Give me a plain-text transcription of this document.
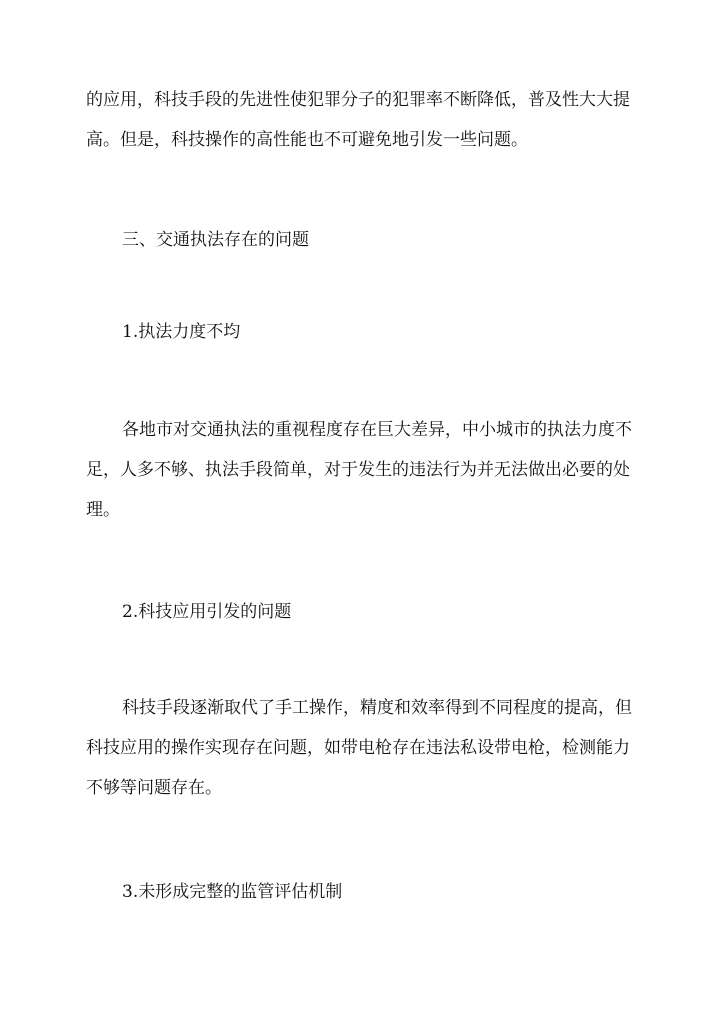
的应用，科技手段的先进性使犯罪分子的犯罪率不断降低，普及性大大提
高。但是，科技操作的高性能也不可避免地引发一些问题。
三、交通执法存在的问题
1.执法力度不均
各地市对交通执法的重视程度存在巨大差异，中小城市的执法力度不
足，人多不够、执法手段简单，对于发生的违法行为并无法做出必要的处
理。
2.科技应用引发的问题
科技手段逐渐取代了手工操作，精度和效率得到不同程度的提高，但
科技应用的操作实现存在问题，如带电枪存在违法私设带电枪，检测能力
不够等问题存在。
3.未形成完整的监管评估机制
